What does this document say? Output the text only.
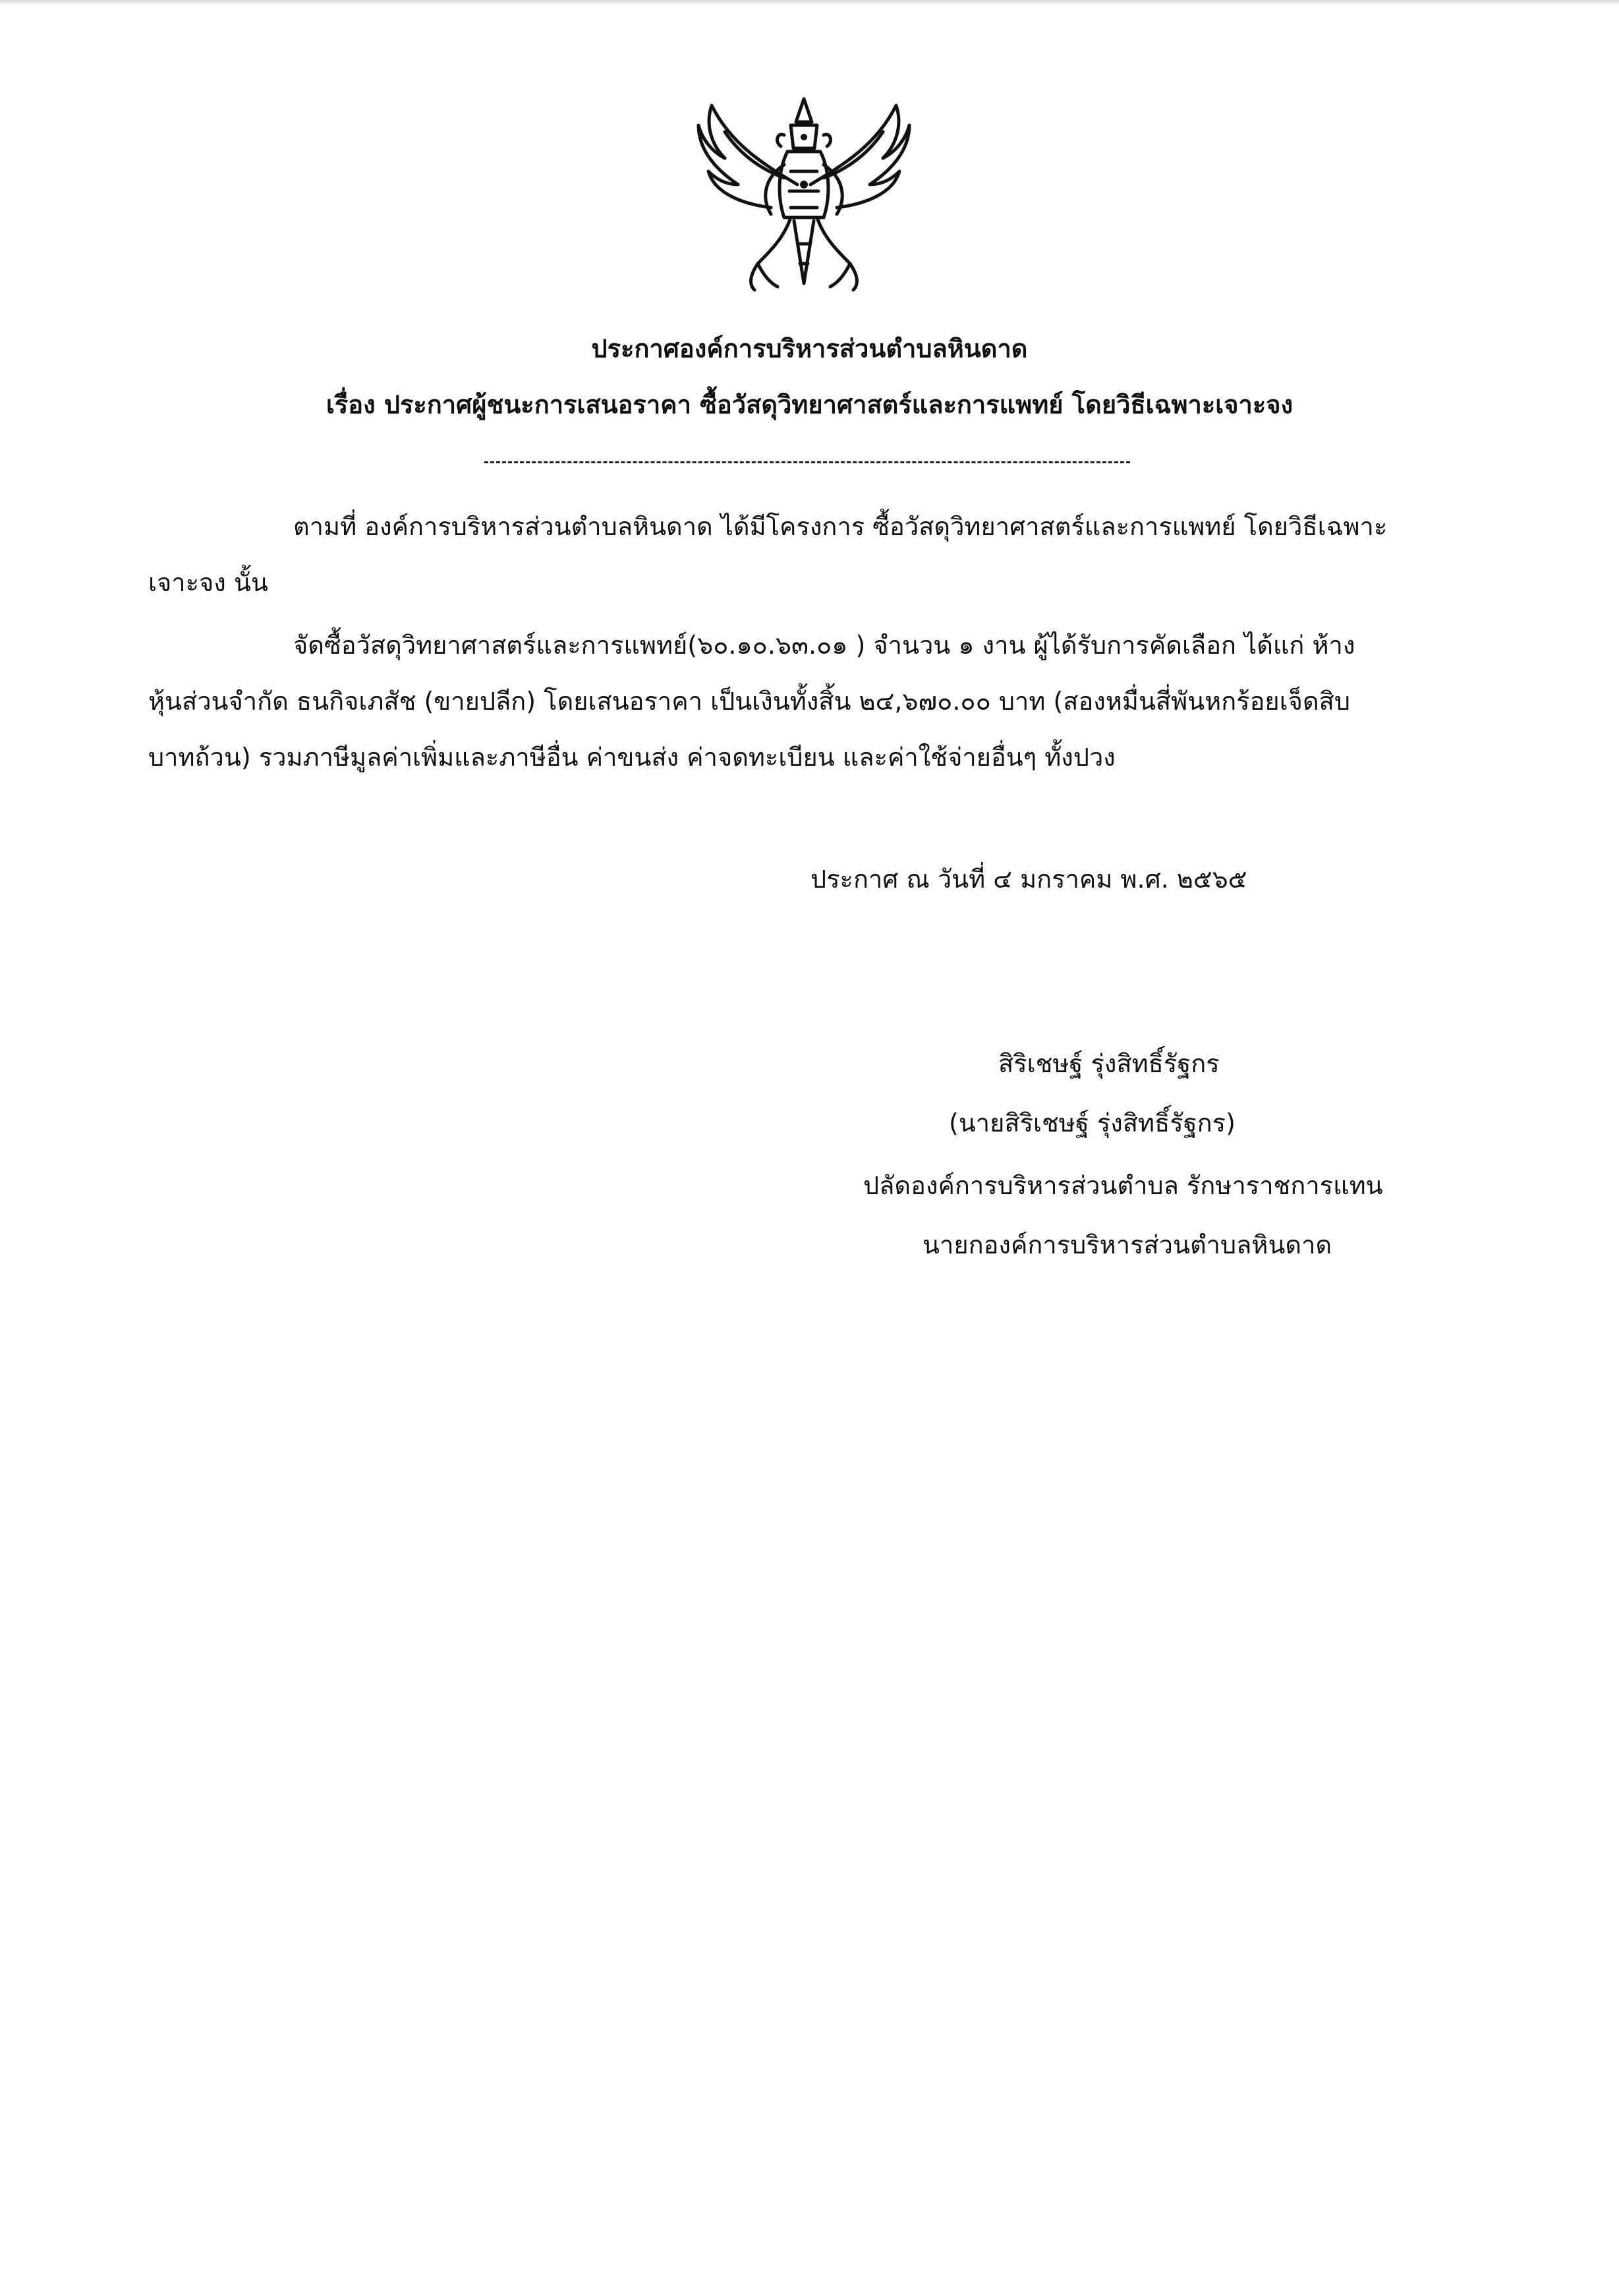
ประกาศองค์การบริหารส่วนตำบลหินดาด
เรื่อง ประกาศผู้ชนะการเสนอราคา ซื้อวัสดุวิทยาศาสตร์และการแพทย์ โดยวิธีเฉพาะเจาะจง
ตามที่ องค์การบริหารส่วนตำบลหินดาด ได้มีโครงการ ซื้อวัสดุวิทยาศาสตร์และการแพทย์ โดยวิธีเฉพาะ
เจาะจง นั้น
จัดซื้อวัสดุวิทยาศาสตร์และการแพทย์(๖๐.๑๐.๖๓.๐๑ ) จำนวน ๑ งาน ผู้ได้รับการคัดเลือก ได้แก่ ห้าง
หุ้นส่วนจำกัด ธนกิจเภสัช (ขายปลีก) โดยเสนอราคา เป็นเงินทั้งสิ้น ๒๔,๖๗๐.๐๐ บาท (สองหมื่นสี่พันหกร้อยเจ็ดสิบ
บาทถ้วน) รวมภาษีมูลค่าเพิ่มและภาษีอื่น ค่าขนส่ง ค่าจดทะเบียน และค่าใช้จ่ายอื่นๆ ทั้งปวง
ประกาศ ณ วันที่ ๔ มกราคม พ.ศ. ๒๕๖๕
สิริเชษฐ์ รุ่งสิทธิ์รัฐกร
(นายสิริเชษฐ์ รุ่งสิทธิ์รัฐกร)
ปลัดองค์การบริหารส่วนตำบล รักษาราชการแทน
นายกองค์การบริหารส่วนตำบลหินดาด
